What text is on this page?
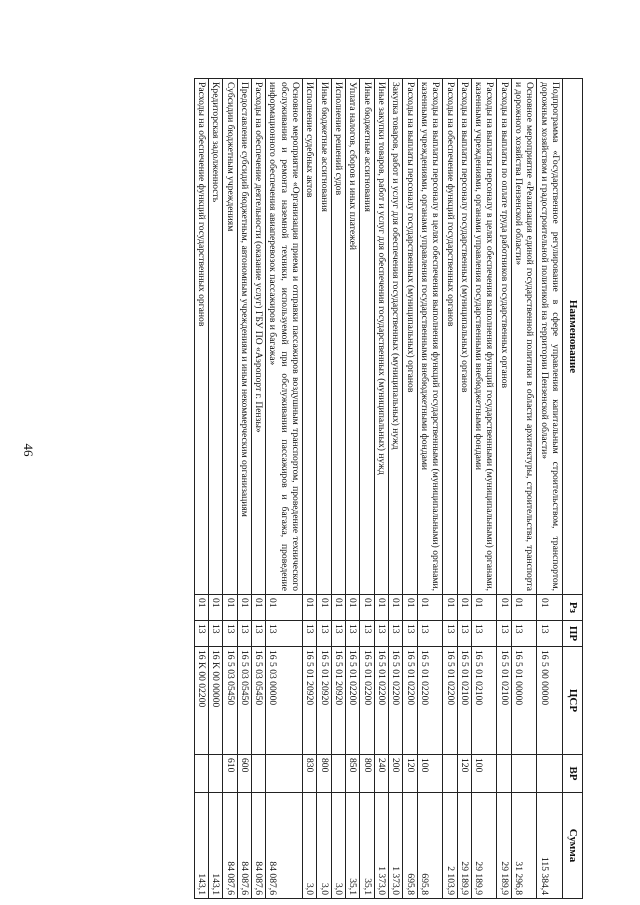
46
Наименование	Рз	ПР	ЦСР	ВР	Сумма
Подпрограмма «Государственное регулирование в сфере управления капитальным строительством, транспортом, дорожным хозяйством и градостроительной политикой на территории Пензенской области»	01	13	16 5 00 00000		115 384,4
Основное мероприятие «Реализация единой государственной политики в области архитектуры, строительства, транспорта и дорожного хозяйства Пензенской области»	01	13	16 5 01 00000		31 296,8
Расходы на выплаты по оплате труда работников государственных органов	01	13	16 5 01 02100		29 189,9
Расходы на выплаты персоналу в целях обеспечения выполнения функций государственными (муниципальными) органами, казенными учреждениями, органами управления государственными внебюджетными фондами	01	13	16 5 01 02100	100	29 189,9
Расходы на выплаты персоналу государственных (муниципальных) органов	01	13	16 5 01 02100	120	29 189,9
Расходы на обеспечение функций государственных органов	01	13	16 5 01 02200		2 103,9
Расходы на выплаты персоналу в целях обеспечения выполнения функций государственными (муниципальными) органами, казенными учреждениями, органами управления государственными внебюджетными фондами	01	13	16 5 01 02200	100	695,8
Расходы на выплаты персоналу государственных (муниципальных) органов	01	13	16 5 01 02200	120	695,8
Закупка товаров, работ и услуг для обеспечения государственных (муниципальных) нужд	01	13	16 5 01 02200	200	1 373,0
Иные закупки товаров, работ и услуг для обеспечения государственных (муниципальных) нужд	01	13	16 5 01 02200	240	1 373,0
Иные бюджетные ассигнования	01	13	16 5 01 02200	800	35,1
Уплата налогов, сборов и иных платежей	01	13	16 5 01 02200	850	35,1
Исполнение решений судов	01	13	16 5 01 20920		3,0
Иные бюджетные ассигнования	01	13	16 5 01 20920	800	3,0
Исполнение судебных актов	01	13	16 5 01 20920	830	3,0
Основное мероприятие «Организация приема и отправки пассажиров воздушным транспортом, проведение технического обслуживания и ремонта наземной техники, используемой при обслуживании пассажиров и багажа, проведение информационного обеспечения авиаперевозок пассажиров и багажа»	01	13	16 5 03 00000		84 087,6
Расходы на обеспечение деятельности (оказание услуг) ГБУ ПО «Аэропорт г. Пензы»	01	13	16 5 03 05450		84 087,6
Предоставление субсидий бюджетным, автономным учреждениям и иным некоммерческим организациям	01	13	16 5 03 05450	600	84 087,6
Субсидии бюджетным учреждениям	01	13	16 5 03 05450	610	84 087,6
Кредиторская задолженность	01	13	16 K 00 00000		143,1
Расходы на обеспечение функций государственных органов	01	13	16 K 00 02200		143,1
